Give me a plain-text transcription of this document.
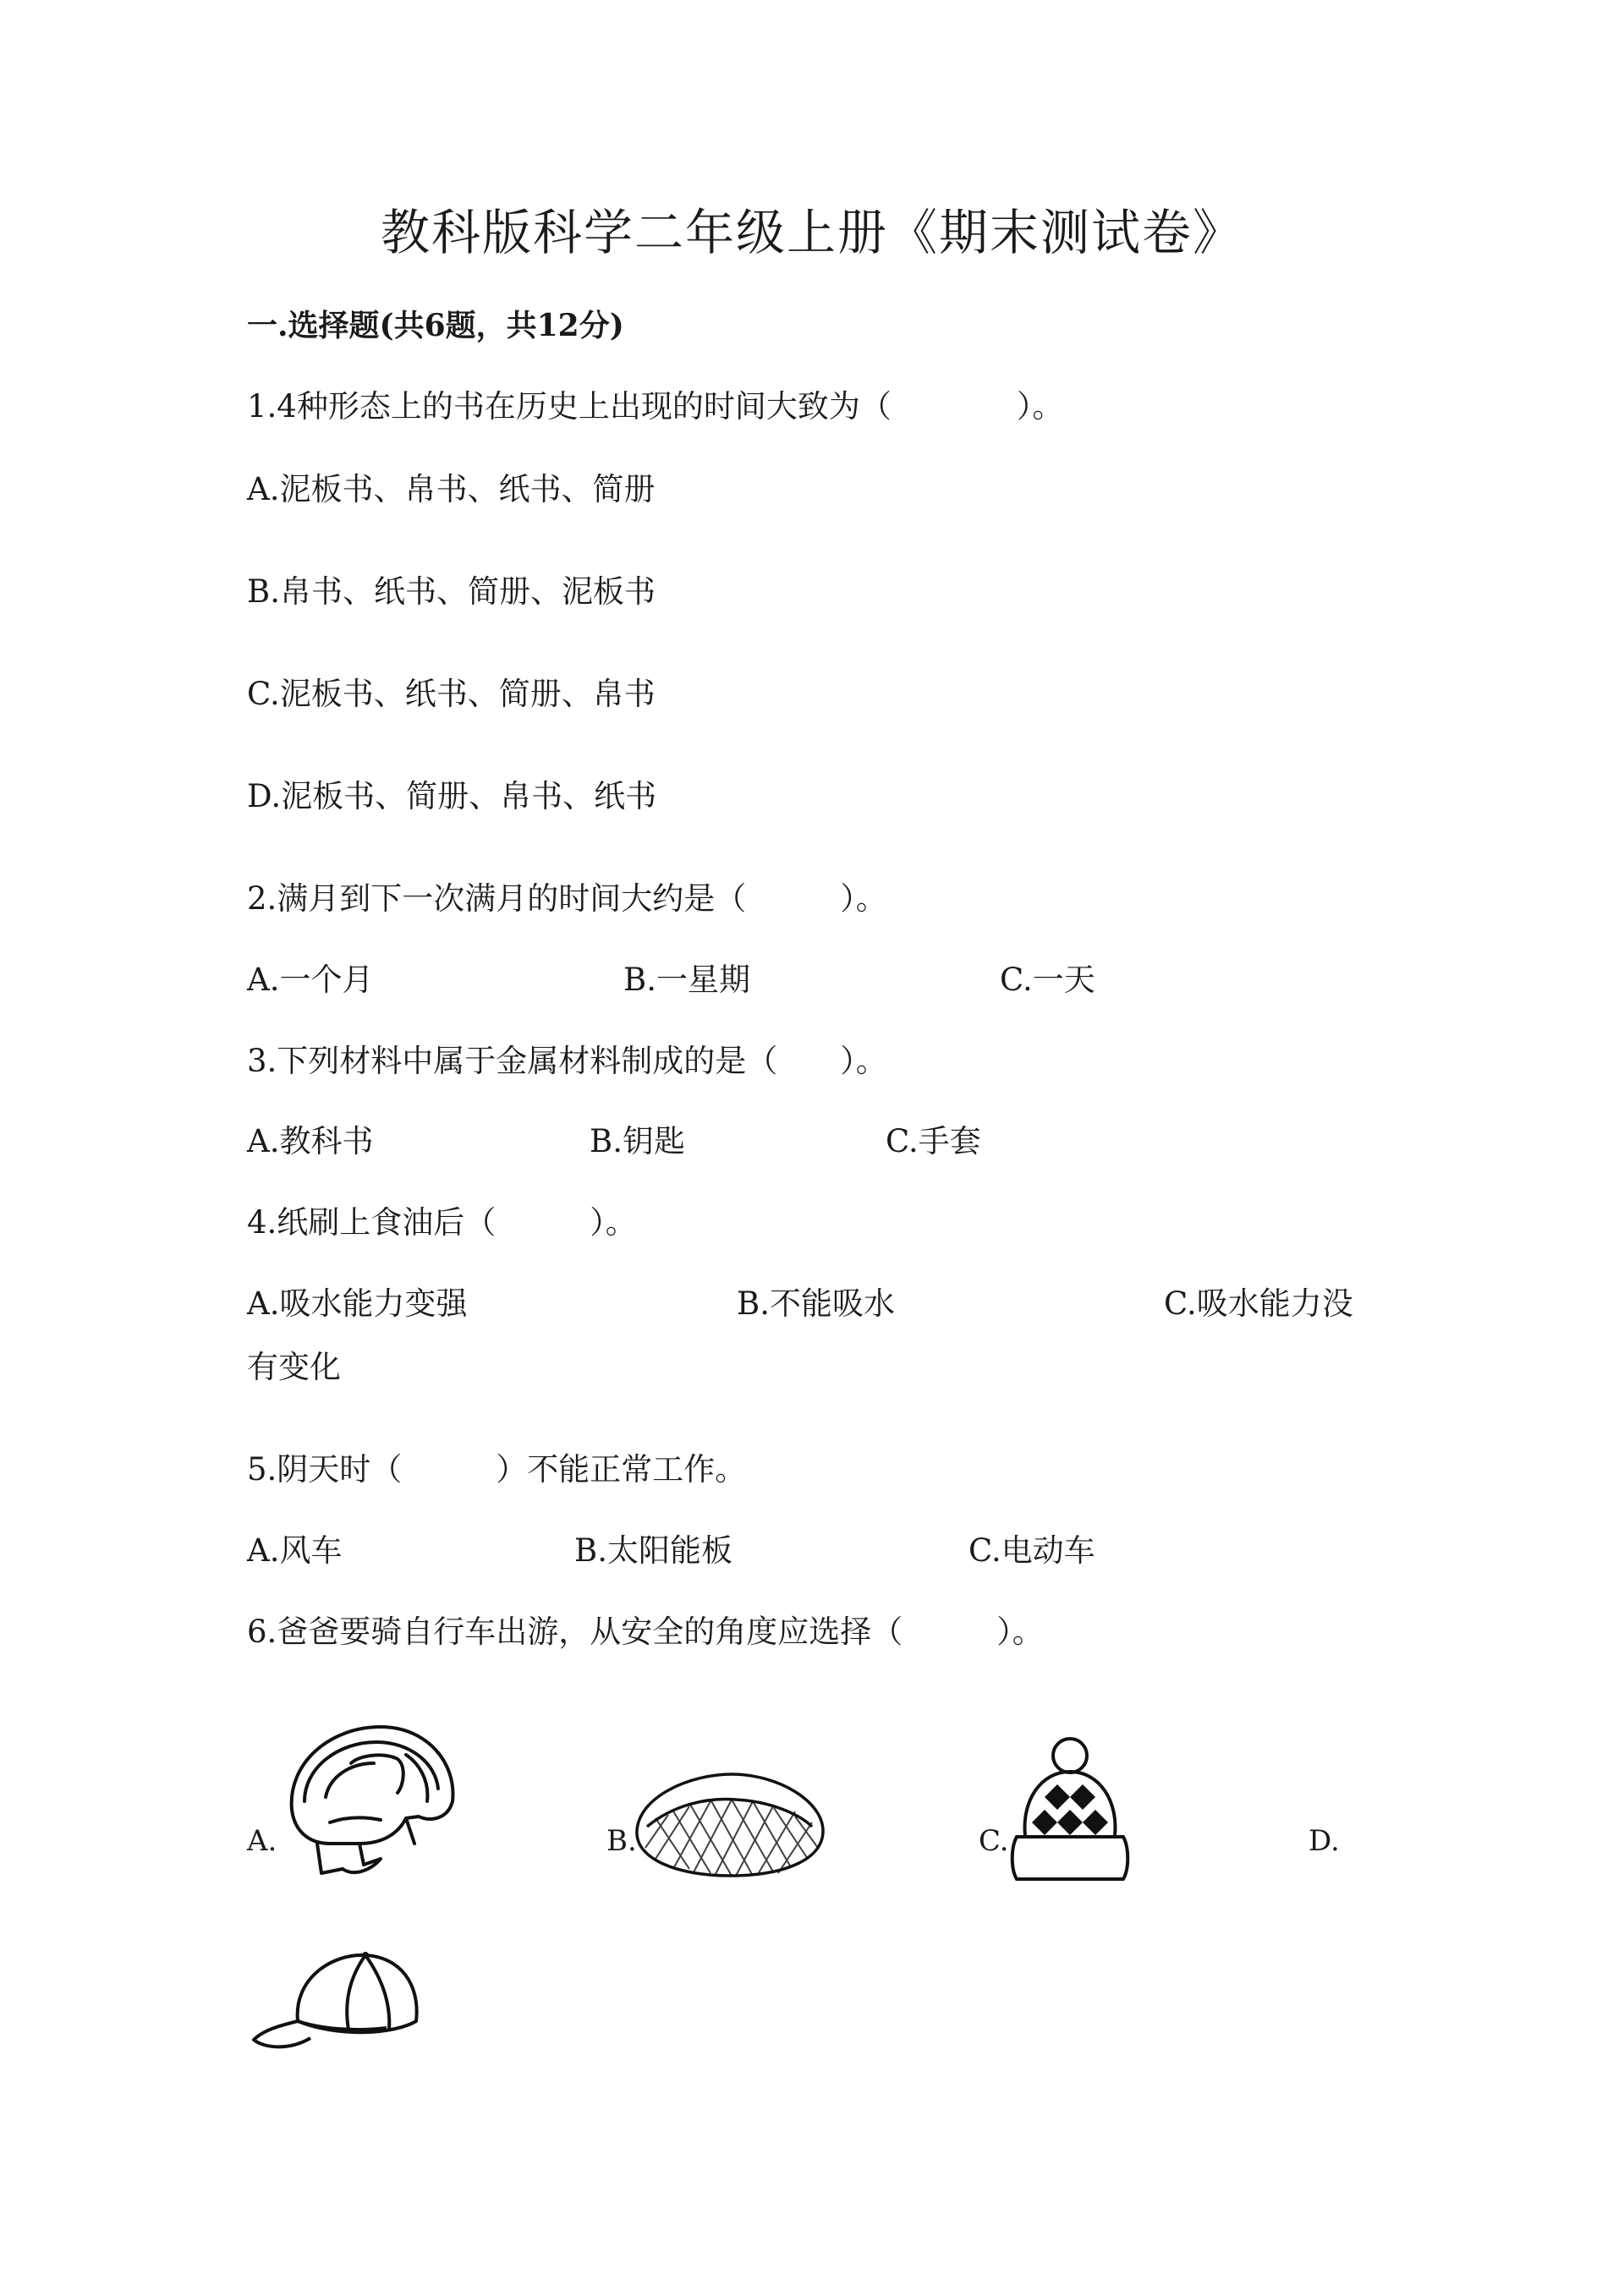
教科版科学二年级上册《期末测试卷》
一.选择题(共6题，共12分)
1.4种形态上的书在历史上出现的时间大致为（　　　　）。
A.泥板书、帛书、纸书、简册
B.帛书、纸书、简册、泥板书
C.泥板书、纸书、简册、帛书
D.泥板书、简册、帛书、纸书
2.满月到下一次满月的时间大约是（　　　）。
A.一个月	B.一星期	C.一天
3.下列材料中属于金属材料制成的是（　　）。
A.教科书	B.钥匙	C.手套
4.纸刷上食油后（　　　）。
A.吸水能力变强	B.不能吸水	C.吸水能力没
有变化
5.阴天时（　　　）不能正常工作。
A.风车	B.太阳能板	C.电动车
6.爸爸要骑自行车出游，从安全的角度应选择（　　　）。
A.	B.	C.	D.
